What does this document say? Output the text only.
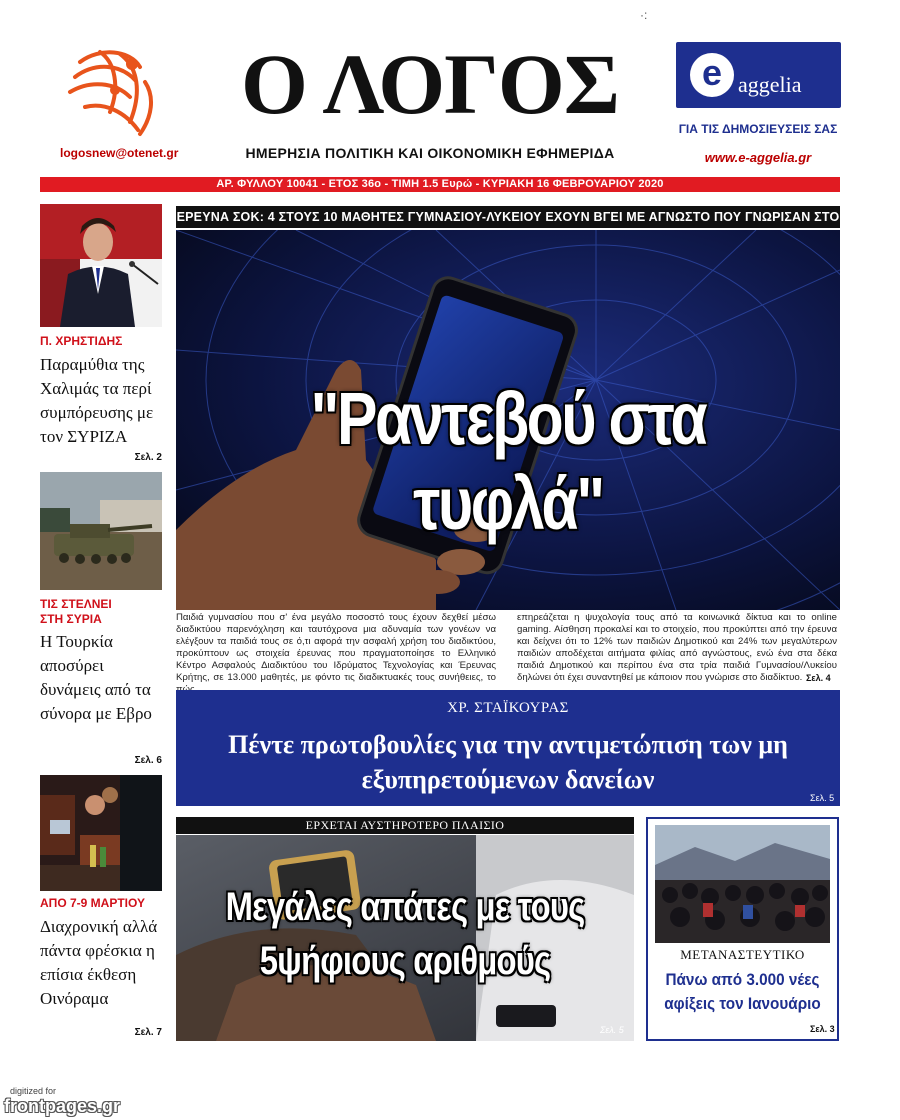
·:
logosnew@otenet.gr
Ο ΛΟΓΟΣ
ΗΜΕΡΗΣΙΑ ΠΟΛΙΤΙΚΗ ΚΑΙ ΟΙΚΟΝΟΜΙΚΗ ΕΦΗΜΕΡΙΔΑ
e aggelia
ΓΙΑ ΤΙΣ ΔΗΜΟΣΙΕΥΣΕΙΣ ΣΑΣ
www.e-aggelia.gr
ΑΡ. ΦΥΛΛΟΥ 10041 - ΕΤΟΣ 36ο - ΤΙΜΗ 1.5 Ευρώ - ΚΥΡΙΑΚΗ 16 ΦΕΒΡΟΥΑΡΙΟΥ 2020
Π. ΧΡΗΣΤΙΔΗΣ
Παραμύθια της Χαλιμάς τα περί συμπόρευσης με τον ΣΥΡΙΖΑ
Σελ. 2
ΤΙΣ ΣΤΕΛΝΕΙ ΣΤΗ ΣΥΡΙΑ
Η Τουρκία αποσύρει δυνάμεις από τα σύνορα με Εβρο
Σελ. 6
ΑΠΟ 7-9 ΜΑΡΤΙΟΥ
Διαχρονική αλλά πάντα φρέσκια η επίσια έκθεση Οινόραμα
Σελ. 7
ΕΡΕΥΝΑ ΣΟΚ: 4 ΣΤΟΥΣ 10 ΜΑΘΗΤΕΣ ΓΥΜΝΑΣΙΟΥ-ΛΥΚΕΙΟΥ ΕΧΟΥΝ ΒΓΕΙ ΜΕ ΑΓΝΩΣΤΟ ΠΟΥ ΓΝΩΡΙΣΑΝ ΣΤΟ
"Ραντεβού στα τυφλά"
Παιδιά γυμνασίου που σ' ένα μεγάλο ποσοστό τους έχουν δεχθεί μέσω διαδικτύου παρενόχληση και ταυτόχρονα μια αδυναμία των γονέων να ελέγξουν τα παιδιά τους σε ό,τι αφορά την ασφαλή χρήση του διαδικτύου, προκύπτουν ως στοιχεία έρευνας που πραγματοποίησε το Ελληνικό Κέντρο Ασφαλούς Διαδικτύου του Ιδρύματος Τεχνολογίας και Έρευνας Κρήτης, σε 13.000 μαθητές, με φόντο τις διαδικτυακές τους συνήθειες, το
επηρεάζεται η ψυχολογία τους από τα κοινωνικά δίκτυα και το online gaming. Αίσθηση προκαλεί και το στοιχείο, που προκύπτει από την έρευνα και δείχνει ότι το 12% των παιδιών Δημοτικού και 24% των μεγαλύτερων παιδιών αποδέχεται αιτήματα φιλίας από αγνώστους, ενώ ένα στα δέκα παιδιά Δημοτικού και περίπου ένα στα τρία παιδιά Γυμνασίου/Λυκείου δηλώνει ότι έχει συναντηθεί με κάποιον που γνώρισε στο διαδίκτυο. Σελ. 4
ΧΡ. ΣΤΑΪΚΟΥΡΑΣ
Πέντε πρωτοβουλίες για την αντιμετώπιση των μη εξυπηρετούμενων δανείων
Σελ. 5
ΕΡΧΕΤΑΙ ΑΥΣΤΗΡΟΤΕΡΟ ΠΛΑΙΣΙΟ
Μεγάλες απάτες με τους 5ψήφιους αριθμούς
Σελ. 5
ΜΕΤΑΝΑΣΤΕΥΤΙΚΟ
Πάνω από 3.000 νέες αφίξεις τον Ιανουάριο
Σελ. 3
digitized for
frontpages.gr
